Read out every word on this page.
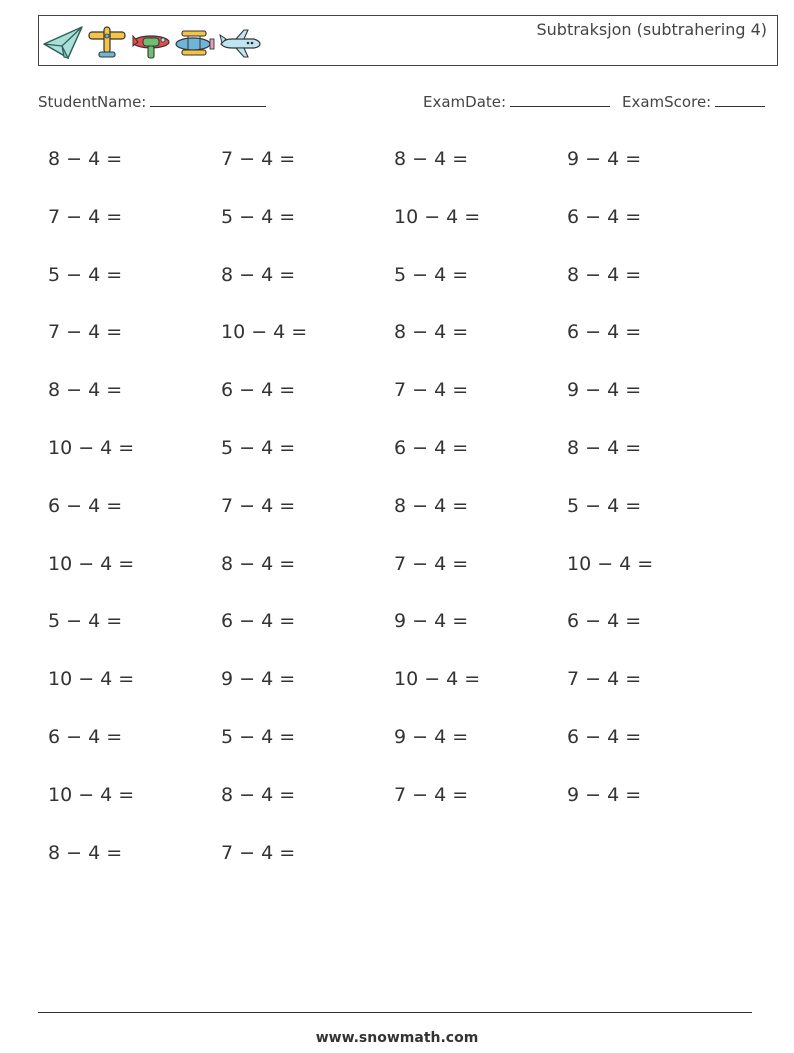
Subtraksjon (subtrahering 4)
StudentName:	ExamDate:	ExamScore:
8 − 4 =	7 − 4 =	8 − 4 =	9 − 4 =
7 − 4 =	5 − 4 =	10 − 4 =	6 − 4 =
5 − 4 =	8 − 4 =	5 − 4 =	8 − 4 =
7 − 4 =	10 − 4 =	8 − 4 =	6 − 4 =
8 − 4 =	6 − 4 =	7 − 4 =	9 − 4 =
10 − 4 =	5 − 4 =	6 − 4 =	8 − 4 =
6 − 4 =	7 − 4 =	8 − 4 =	5 − 4 =
10 − 4 =	8 − 4 =	7 − 4 =	10 − 4 =
5 − 4 =	6 − 4 =	9 − 4 =	6 − 4 =
10 − 4 =	9 − 4 =	10 − 4 =	7 − 4 =
6 − 4 =	5 − 4 =	9 − 4 =	6 − 4 =
10 − 4 =	8 − 4 =	7 − 4 =	9 − 4 =
8 − 4 =	7 − 4 =
www.snowmath.com
